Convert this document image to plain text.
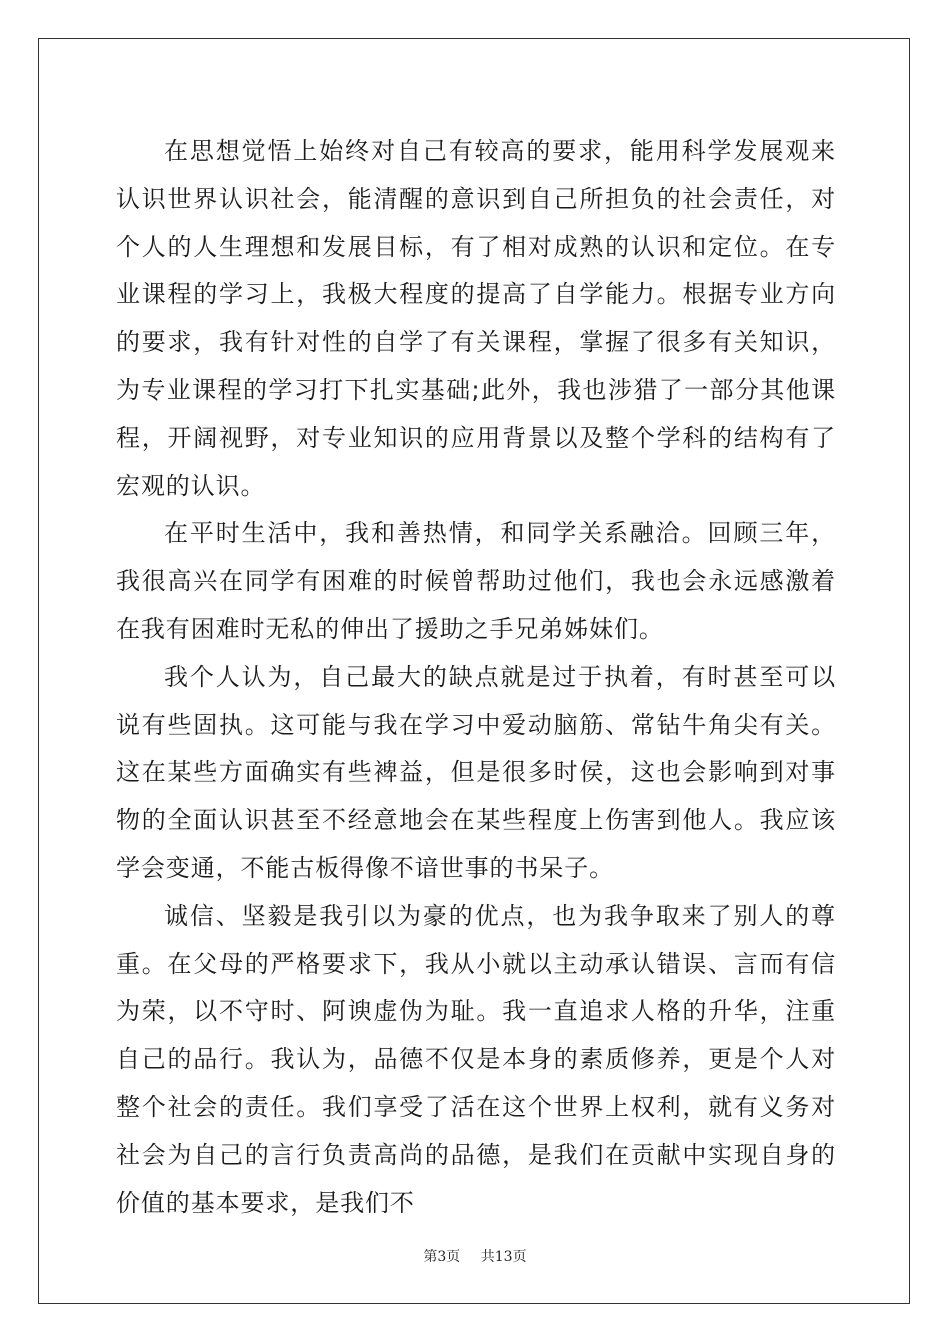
在思想觉悟上始终对自己有较高的要求，能用科学发展观来认识世界认识社会，能清醒的意识到自己所担负的社会责任，对个人的人生理想和发展目标，有了相对成熟的认识和定位。在专业课程的学习上，我极大程度的提高了自学能力。根据专业方向的要求，我有针对性的自学了有关课程，掌握了很多有关知识，为专业课程的学习打下扎实基础;此外，我也涉猎了一部分其他课程，开阔视野，对专业知识的应用背景以及整个学科的结构有了宏观的认识。

在平时生活中，我和善热情，和同学关系融洽。回顾三年，我很高兴在同学有困难的时候曾帮助过他们，我也会永远感激着在我有困难时无私的伸出了援助之手兄弟姊妹们。

我个人认为，自己最大的缺点就是过于执着，有时甚至可以说有些固执。这可能与我在学习中爱动脑筋、常钻牛角尖有关。这在某些方面确实有些裨益，但是很多时侯，这也会影响到对事物的全面认识甚至不经意地会在某些程度上伤害到他人。我应该学会变通，不能古板得像不谙世事的书呆子。

诚信、坚毅是我引以为豪的优点，也为我争取来了别人的尊重。在父母的严格要求下，我从小就以主动承认错误、言而有信为荣，以不守时、阿谀虚伪为耻。我一直追求人格的升华，注重自己的品行。我认为，品德不仅是本身的素质修养，更是个人对整个社会的责任。我们享受了活在这个世界上权利，就有义务对社会为自己的言行负责高尚的品德，是我们在贡献中实现自身的价值的基本要求，是我们不

第3页 共13页
